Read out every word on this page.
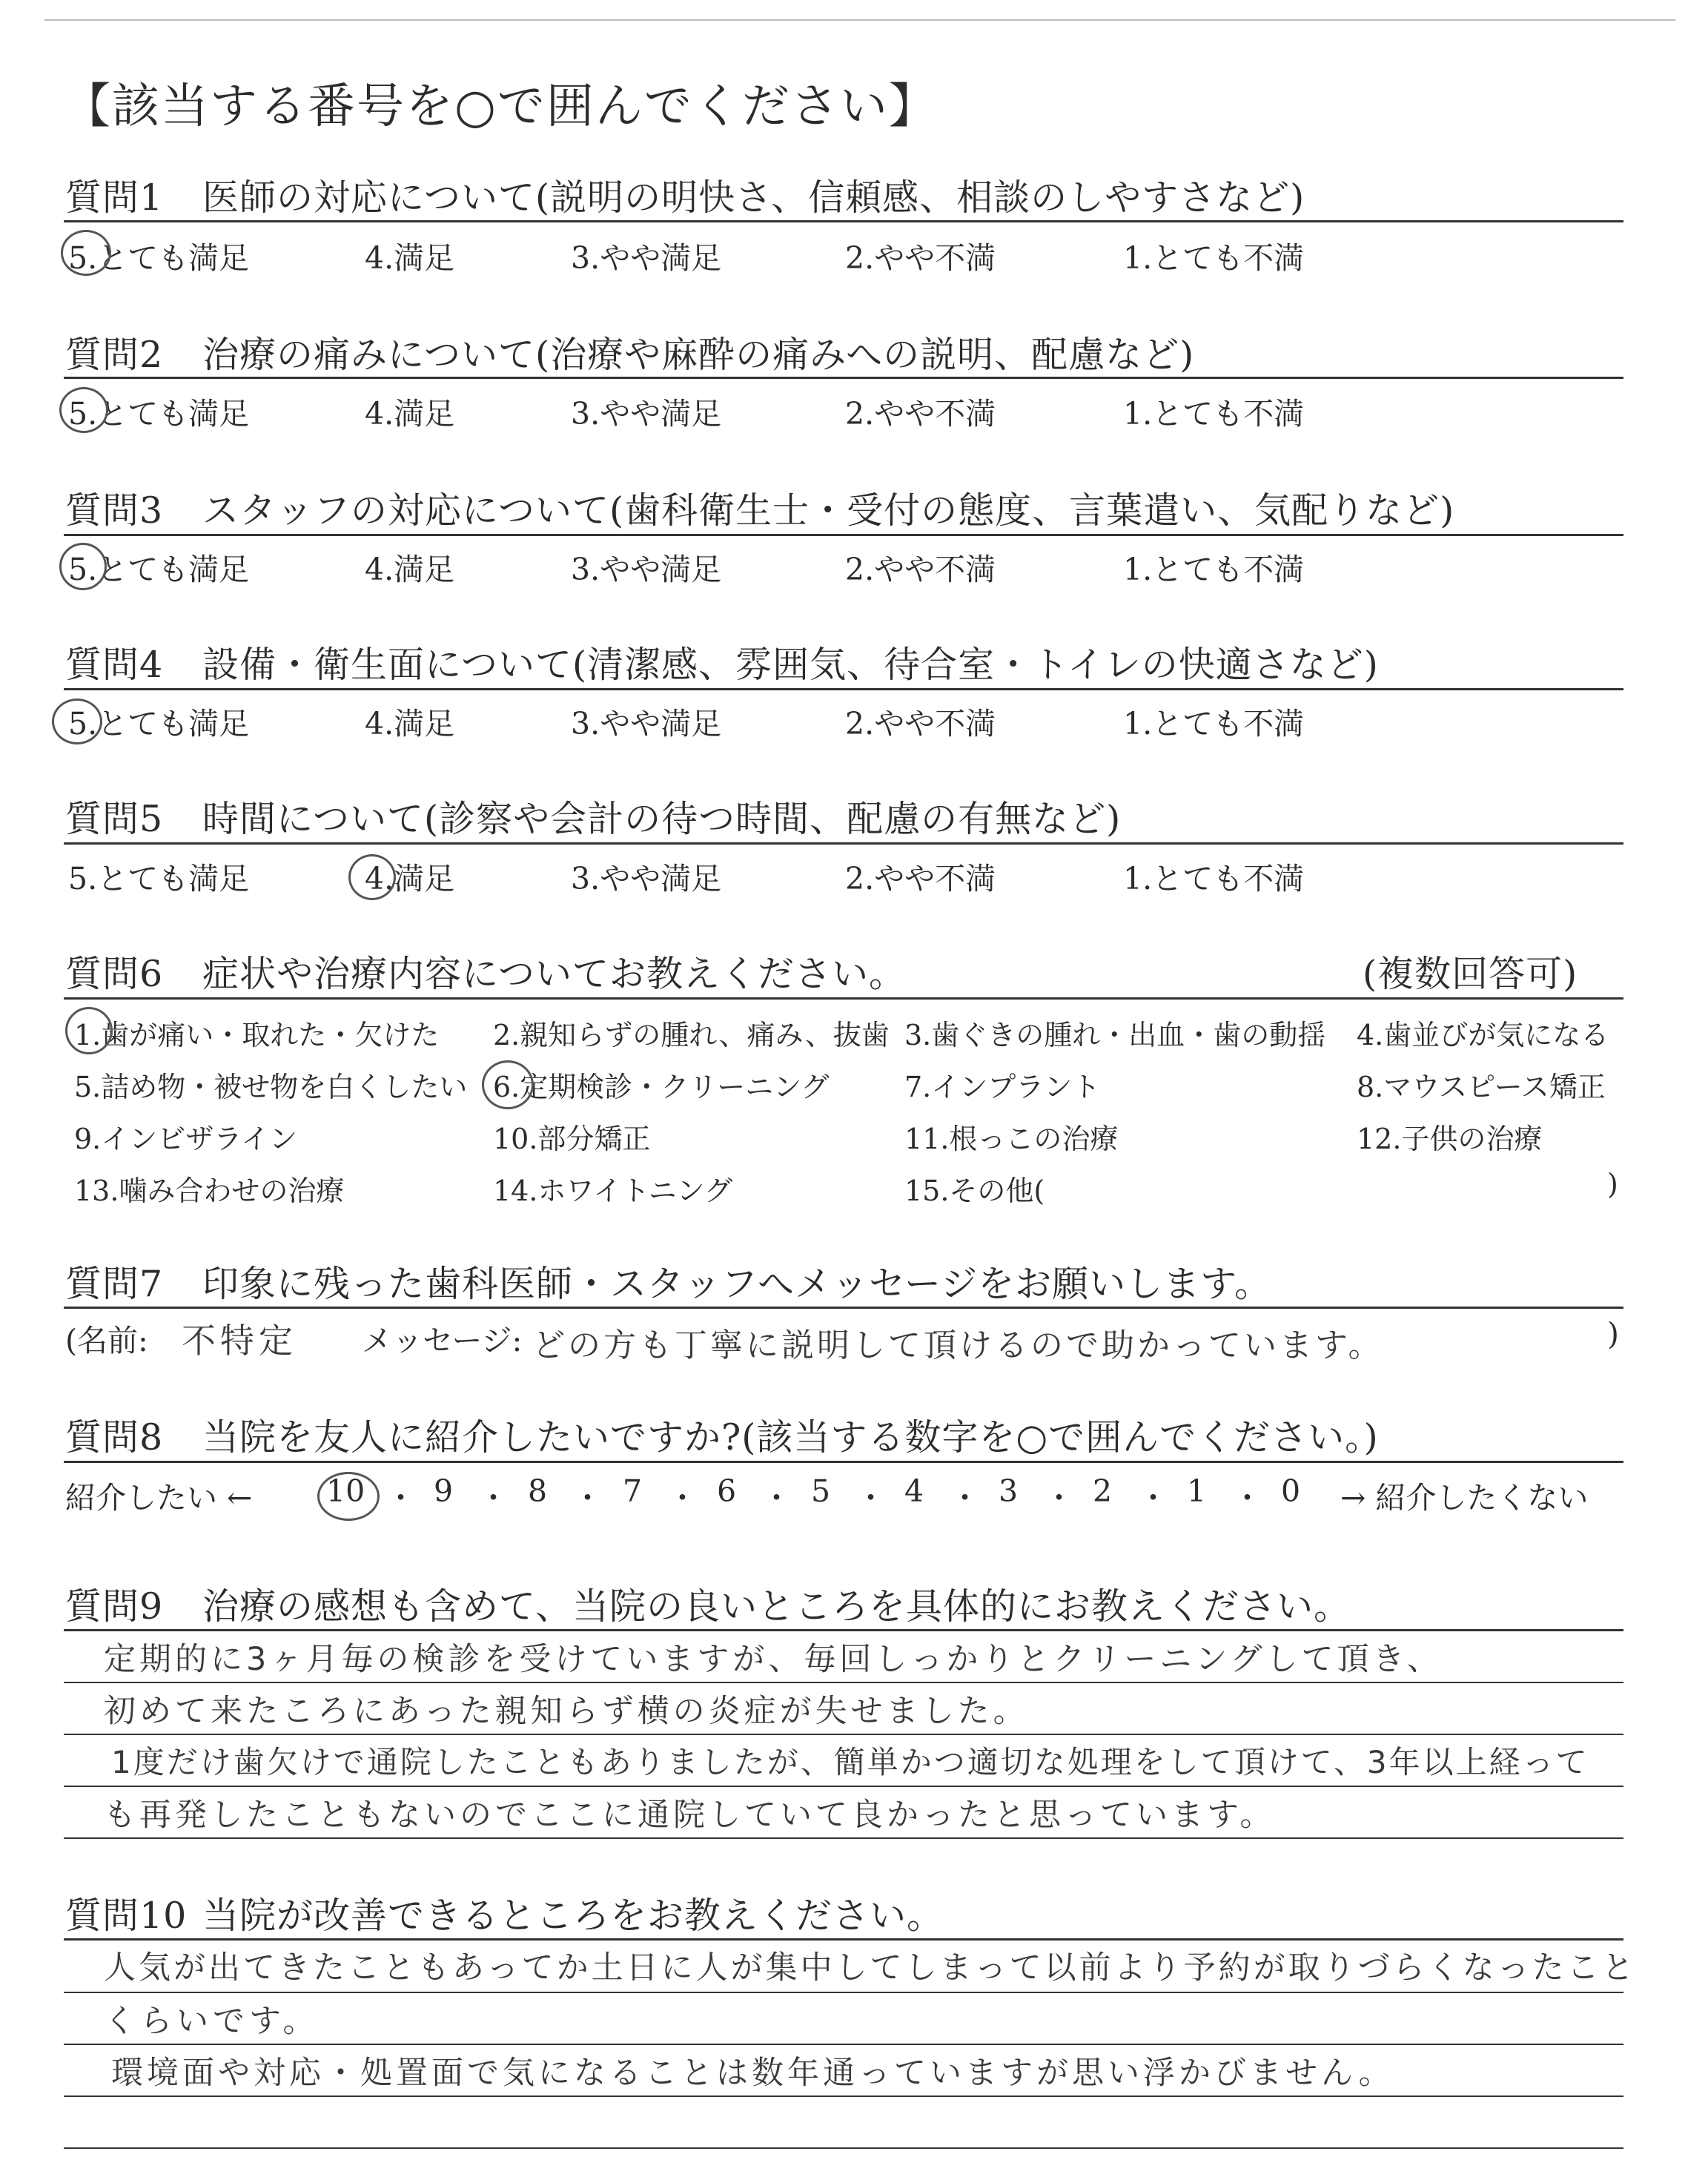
【該当する番号を○で囲んでください】
質問1 医師の対応について(説明の明快さ、信頼感、相談のしやすさなど)
5.とても満足	4.満足	3.やや満足	2.やや不満	1.とても不満
質問2 治療の痛みについて(治療や麻酔の痛みへの説明、配慮など)
5.とても満足	4.満足	3.やや満足	2.やや不満	1.とても不満
質問3 スタッフの対応について(歯科衛生士・受付の態度、言葉遣い、気配りなど)
5.とても満足	4.満足	3.やや満足	2.やや不満	1.とても不満
質問4 設備・衛生面について(清潔感、雰囲気、待合室・トイレの快適さなど)
5.とても満足	4.満足	3.やや満足	2.やや不満	1.とても不満
質問5 時間について(診察や会計の待つ時間、配慮の有無など)
5.とても満足	4.満足	3.やや満足	2.やや不満	1.とても不満
質問6 症状や治療内容についてお教えください。	(複数回答可)
1.歯が痛い・取れた・欠けた 2.親知らずの腫れ、痛み、抜歯 3.歯ぐきの腫れ・出血・歯の動揺 4.歯並びが気になる
5.詰め物・被せ物を白くしたい 6.定期検診・クリーニング	7.インプラント	8.マウスピース矯正
9.インビザライン	10.部分矯正	11.根っこの治療	12.子供の治療
13.噛み合わせの治療	14.ホワイトニング	15.その他(	)
質問7 印象に残った歯科医師・スタッフへメッセージをお願いします。
(名前: 不特定 メッセージ: どの方も丁寧に説明して頂けるので助かっています。	)
質問8 当院を友人に紹介したいですか?(該当する数字を○で囲んでください。)
紹介したい ← 10 ・ 9 ・ 8 ・ 7 ・ 6 ・ 5 ・ 4 ・ 3 ・ 2 ・ 1 ・ 0 → 紹介したくない
質問9 治療の感想も含めて、当院の良いところを具体的にお教えください。
定期的に3ヶ月毎の検診を受けていますが、毎回しっかりとクリーニングして頂き、
初めて来たころにあった親知らず横の炎症が失せました。
1度だけ歯欠けで通院したこともありましたが、簡単かつ適切な処理をして頂けて、3年以上経って
も再発したこともないのでここに通院していて良かったと思っています。
質問10 当院が改善できるところをお教えください。
人気が出てきたこともあってか土日に人が集中してしまって以前より予約が取りづらくなったこと
くらいです。
環境面や対応・処置面で気になることは数年通っていますが思い浮かびません。
